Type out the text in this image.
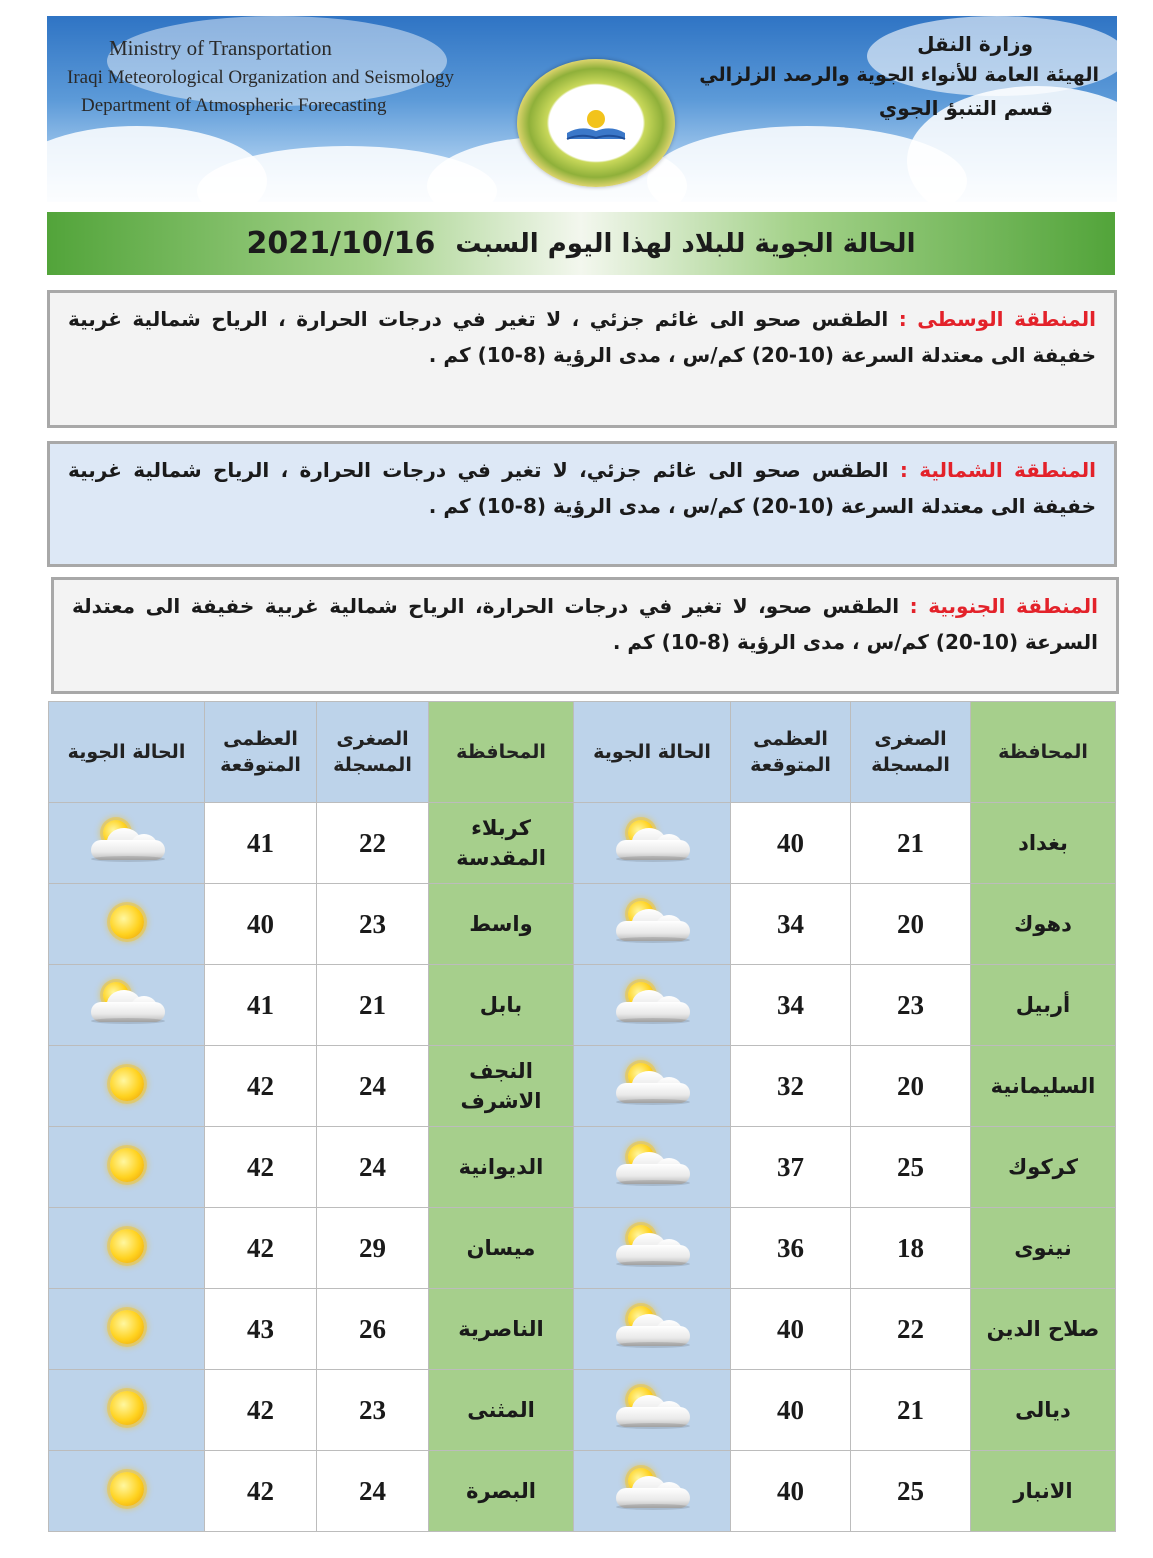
Ministry of Transportation
Iraqi Meteorological Organization and Seismology
Department of Atmospheric Forecasting
وزارة النقل
الهيئة العامة للأنواء الجوية والرصد الزلزالي
قسم التنبؤ الجوي
الحالة الجوية للبلاد لهذا اليوم السبت
2021/10/16
المنطقة الوسطى : الطقس صحو الى غائم جزئي ، لا تغير في درجات الحرارة ، الرياح شمالية غربية خفيفة الى معتدلة السرعة (10-20) كم/س ، مدى الرؤية (8-10) كم .
المنطقة الشمالية : الطقس صحو الى غائم جزئي، لا تغير في درجات الحرارة ، الرياح شمالية غربية خفيفة الى معتدلة السرعة (10-20) كم/س ، مدى الرؤية (8-10) كم .
المنطقة الجنوبية : الطقس صحو، لا تغير في درجات الحرارة، الرياح شمالية غربية خفيفة الى معتدلة السرعة (10-20) كم/س ، مدى الرؤية (8-10) كم .
المحافظة	الصغرى المسجلة	العظمى المتوقعة	الحالة الجوية	المحافظة	الصغرى المسجلة	العظمى المتوقعة	الحالة الجوية
بغداد	21	40		كربلاء المقدسة	22	41	

دهوك	20	34		واسط	23	40	

أربيل	23	34		بابل	21	41	

السليمانية	20	32		النجف الاشرف	24	42	

كركوك	25	37		الديوانية	24	42	

نينوى	18	36		ميسان	29	42	

صلاح الدين	22	40		الناصرية	26	43	

ديالى	21	40		المثنى	23	42	

الانبار	25	40		البصرة	24	42	
